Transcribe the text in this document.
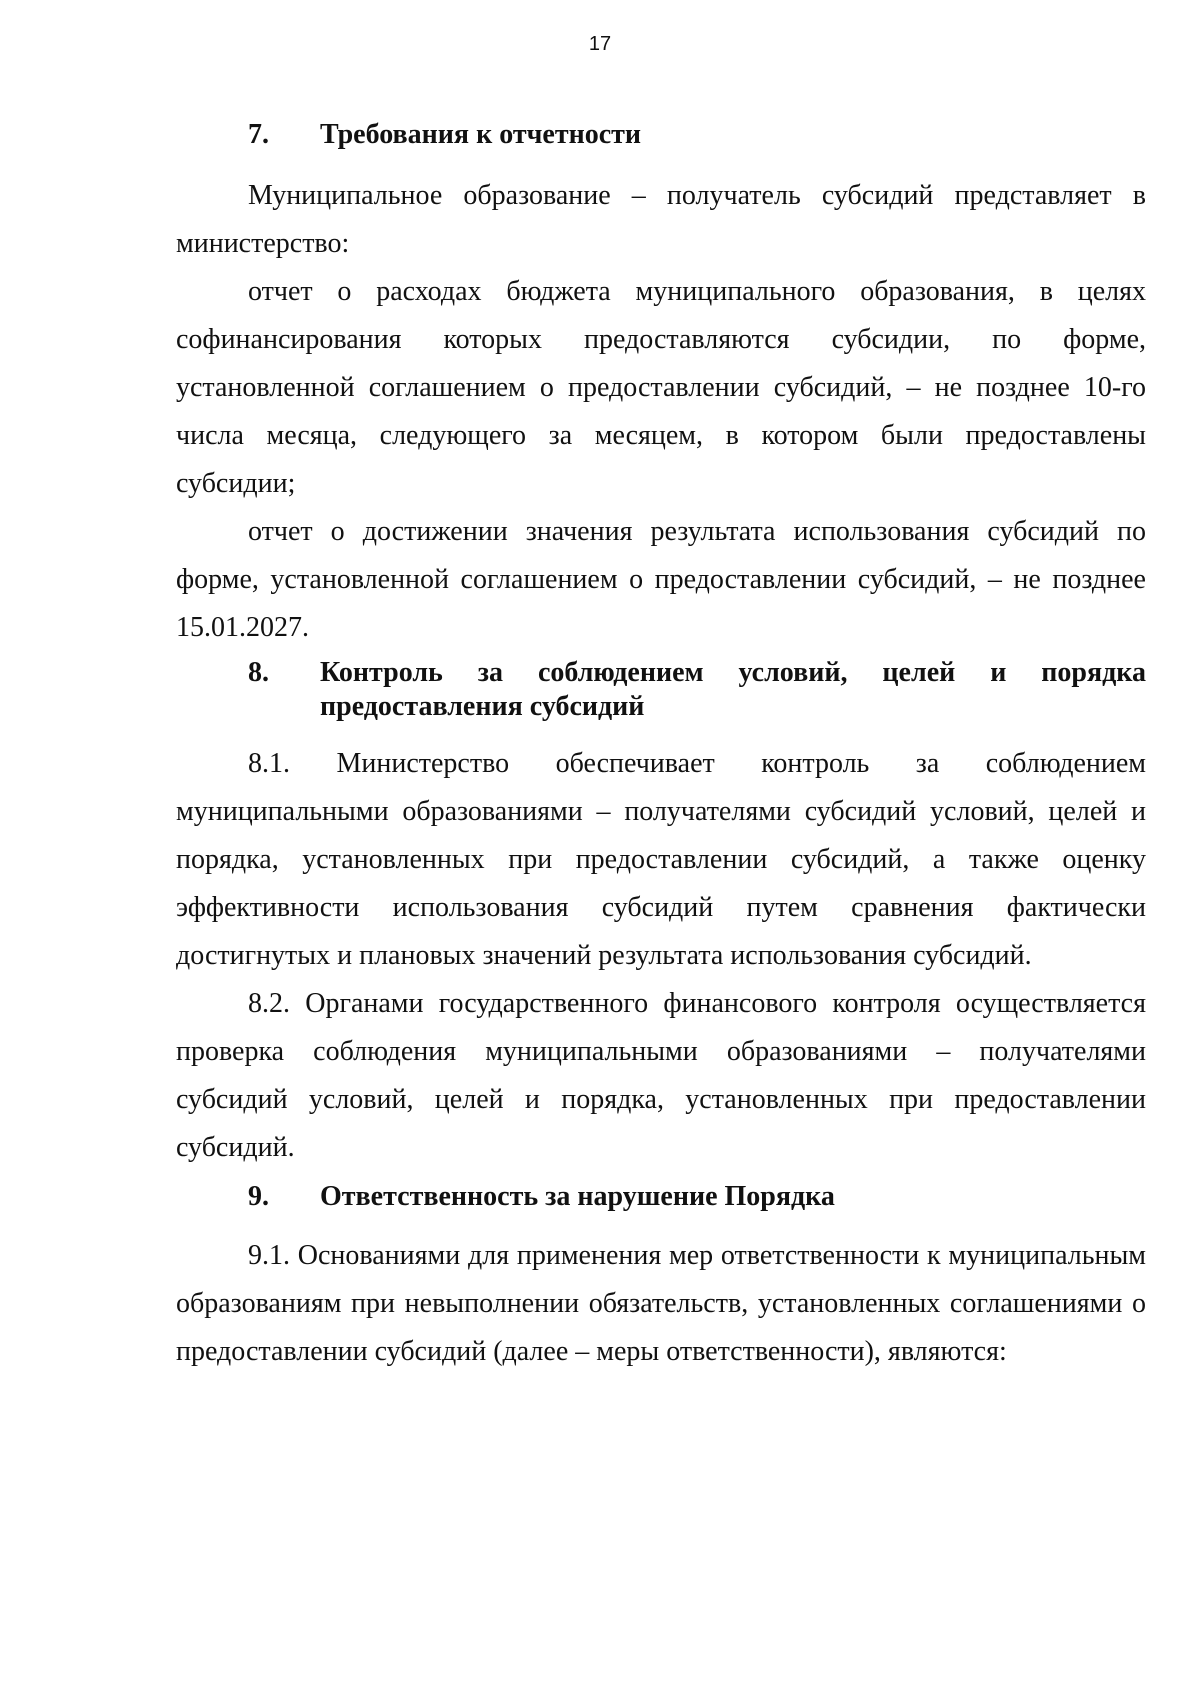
17
7. Требования к отчетности

Муниципальное образование – получатель субсидий представляет в министерство:

отчет о расходах бюджета муниципального образования, в целях софинансирования которых предоставляются субсидии, по форме, установленной соглашением о предоставлении субсидий, – не позднее 10-го числа месяца, следующего за месяцем, в котором были предоставлены субсидии;

отчет о достижении значения результата использования субсидий по форме, установленной соглашением о предоставлении субсидий, – не позднее 15.01.2027.

8. Контроль за соблюдением условий, целей и порядка
предоставления субсидий

8.1. Министерство обеспечивает контроль за соблюдением муниципальными образованиями – получателями субсидий условий, целей и порядка, установленных при предоставлении субсидий, а также оценку эффективности использования субсидий путем сравнения фактически достигнутых и плановых значений результата использования субсидий.

8.2. Органами государственного финансового контроля осуществляется проверка соблюдения муниципальными образованиями – получателями субсидий условий, целей и порядка, установленных при предоставлении субсидий.

9. Ответственность за нарушение Порядка

9.1. Основаниями для применения мер ответственности к муниципальным образованиям при невыполнении обязательств, установленных соглашениями о предоставлении субсидий (далее – меры ответственности), являются:
